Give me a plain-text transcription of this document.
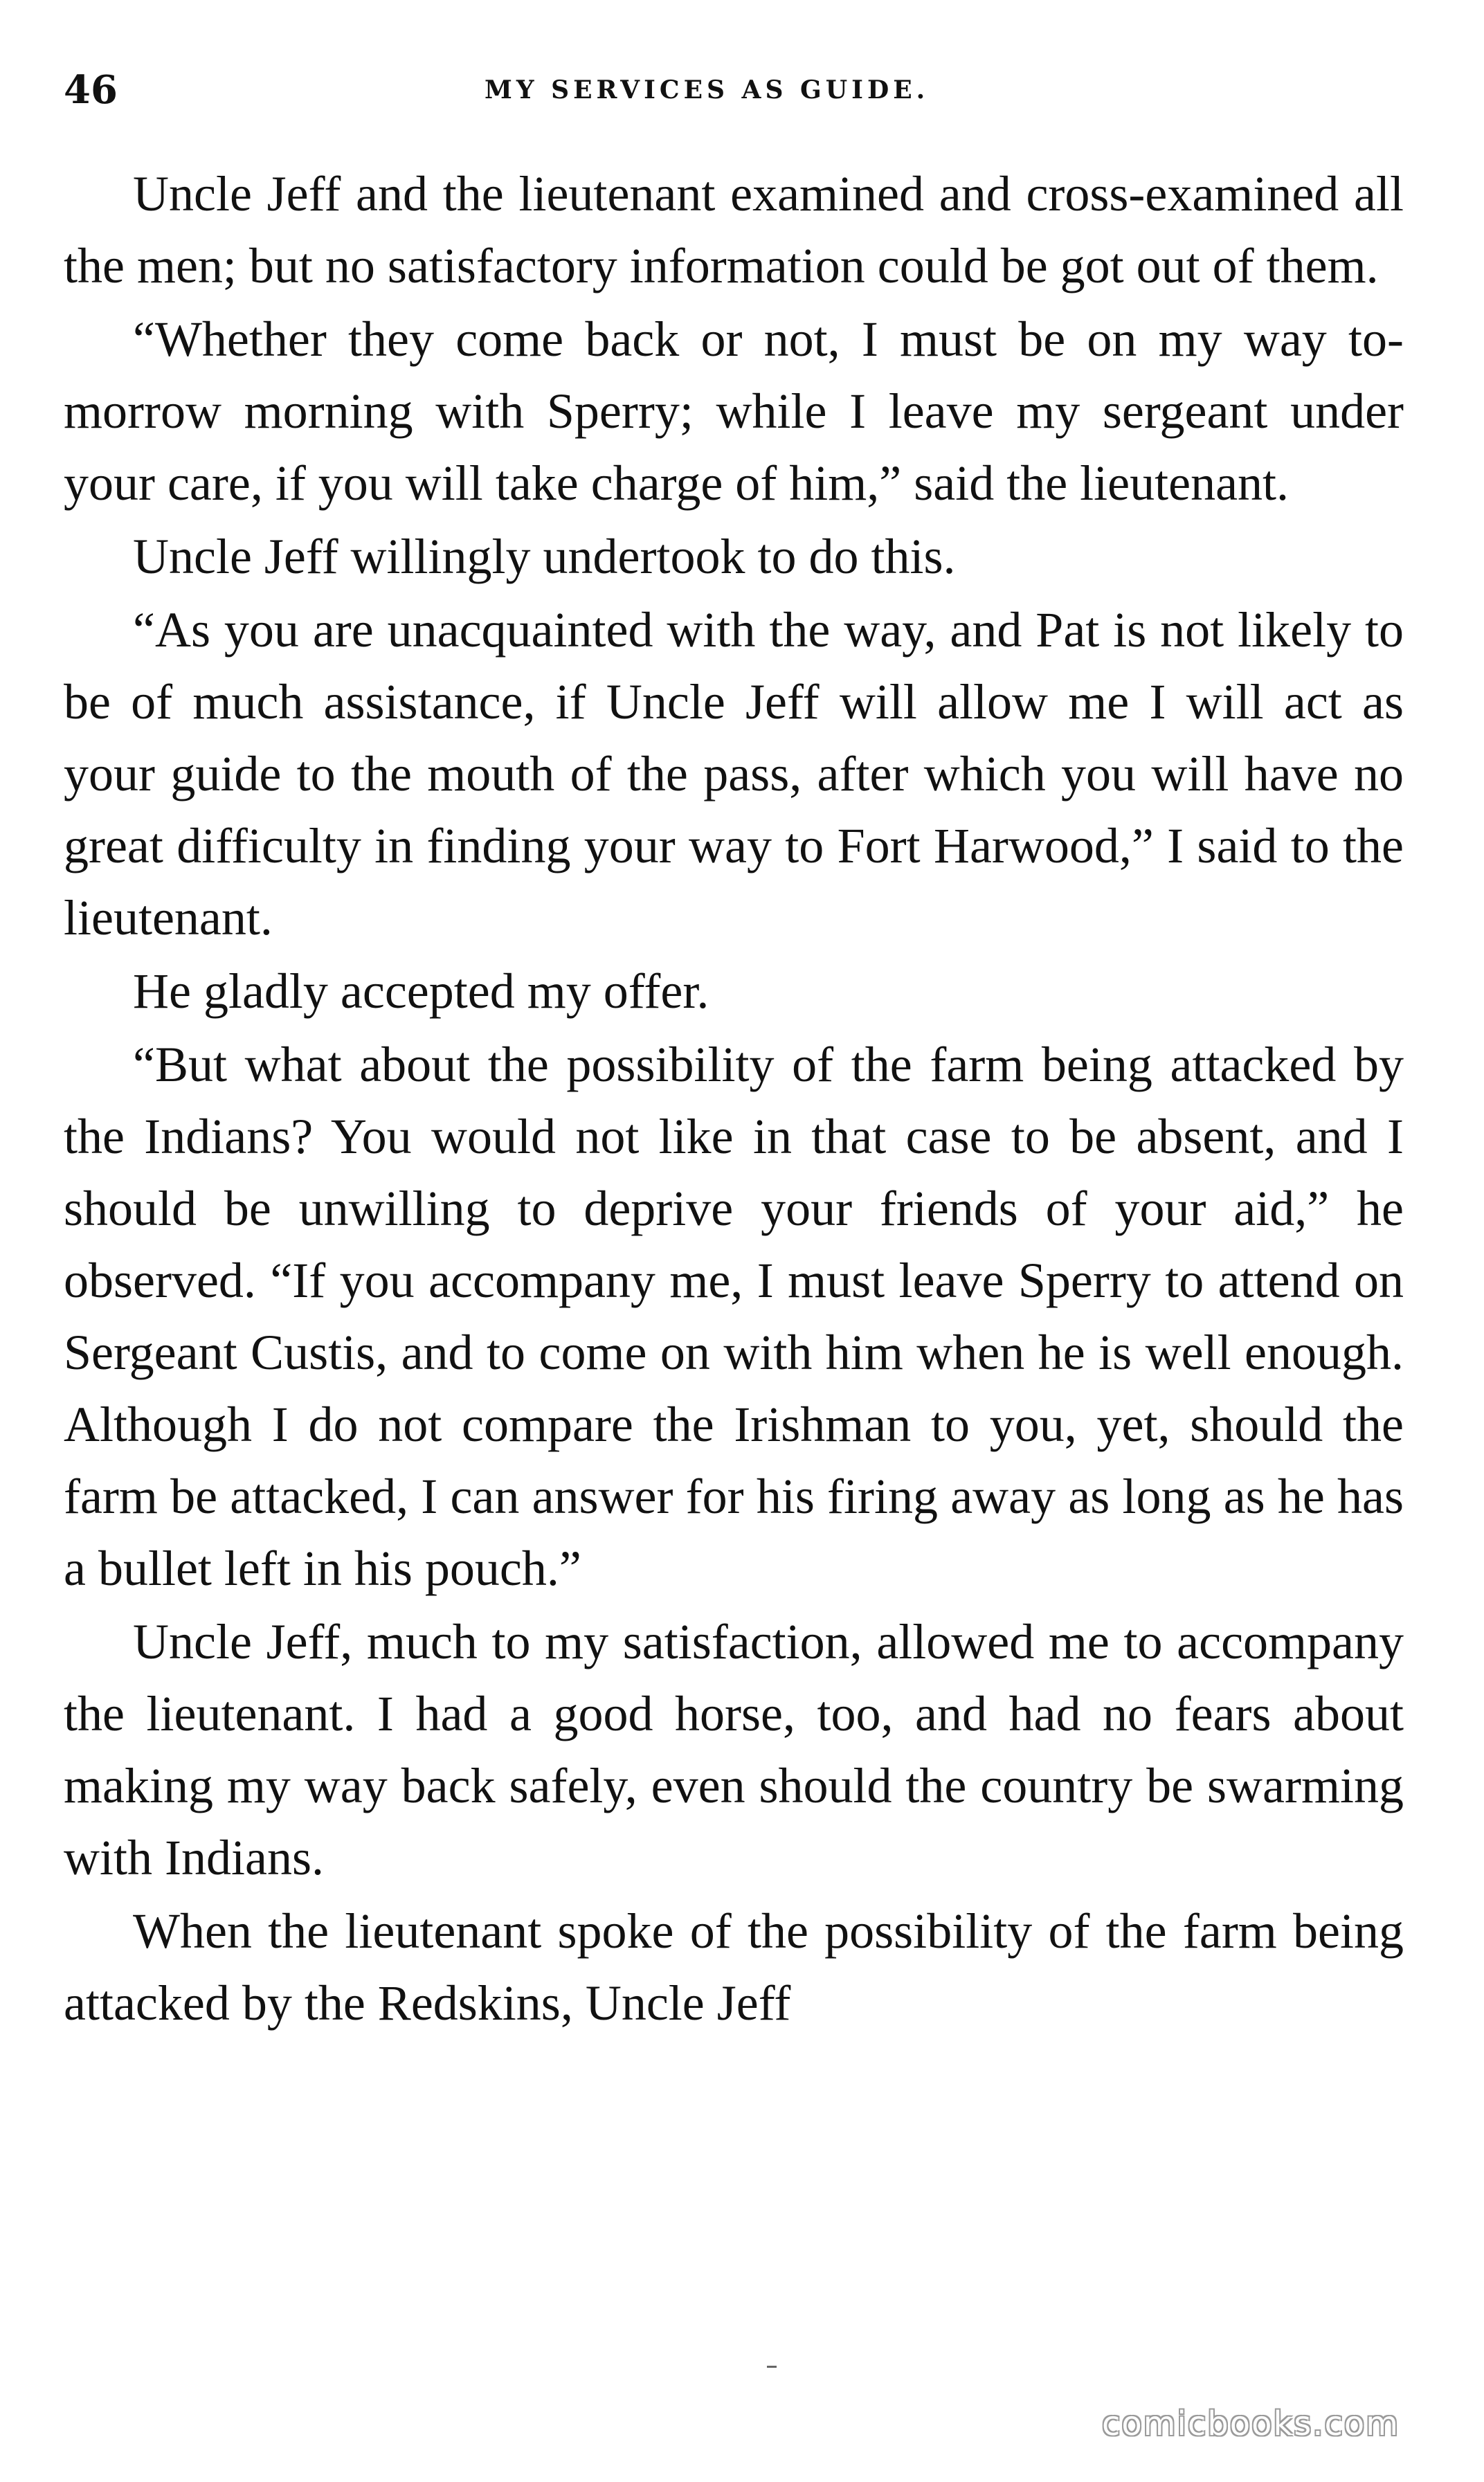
46	MY SERVICES AS GUIDE.

Uncle Jeff and the lieutenant examined and cross-examined all the men; but no satisfactory information could be got out of them.

“Whether they come back or not, I must be on my way to-morrow morning with Sperry; while I leave my sergeant under your care, if you will take charge of him,” said the lieutenant.

Uncle Jeff willingly undertook to do this.

“As you are unacquainted with the way, and Pat is not likely to be of much assistance, if Uncle Jeff will allow me I will act as your guide to the mouth of the pass, after which you will have no great difficulty in finding your way to Fort Harwood,” I said to the lieutenant.

He gladly accepted my offer.

“But what about the possibility of the farm being attacked by the Indians? You would not like in that case to be absent, and I should be unwilling to deprive your friends of your aid,” he observed. “If you accompany me, I must leave Sperry to attend on Sergeant Custis, and to come on with him when he is well enough. Although I do not compare the Irishman to you, yet, should the farm be attacked, I can answer for his firing away as long as he has a bullet left in his pouch.”

Uncle Jeff, much to my satisfaction, allowed me to accompany the lieutenant. I had a good horse, too, and had no fears about making my way back safely, even should the country be swarming with Indians.

When the lieutenant spoke of the possibility of the farm being attacked by the Redskins, Uncle Jeff

comicbooks.com
